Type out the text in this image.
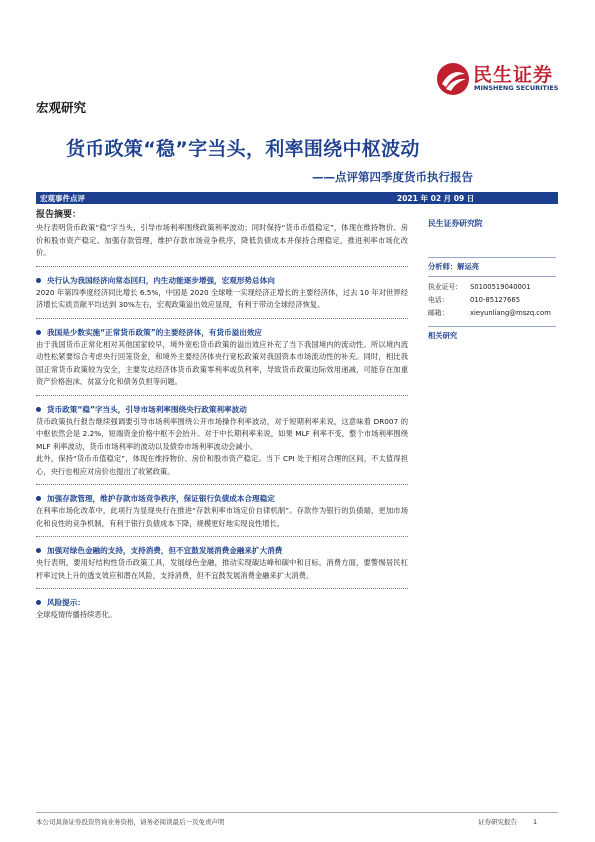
民生证券
MINSHENG SECURITIES
宏观研究
货币政策“稳”字当头，利率围绕中枢波动
——点评第四季度货币执行报告
宏观事件点评	2021 年 02 月 09 日

报告摘要：

央行表明货币政策“稳”字当头，引导市场利率围绕政策利率波动；同时保持“货币币值稳定”，体现在维持物价、房价和股市资产稳定。加强存款管理，维护存款市场竞争秩序，降低负债成本并保持合理稳定，推进利率市场化改价。

央行认为我国经济向常态回归，内生动能逐步增强，宏观形势总体向

2020 年第四季度经济同比增长 6.5%，中国是 2020 全球唯一实现经济正增长的主要经济体，过去 10 年对世界经济增长实质贡献平均达到 30%左右，宏观政策溢出效应显现，有利于带动全球经济恢复。

我国是少数实施“正常货币政策”的主要经济体，有货币溢出效应

由于我国货币正常化相对其他国家较早，境外宽松货币政策的溢出效应补充了当下我国境内的流动性。所以境内流动性松紧要综合考虑央行回笼货金，和境外主要经济体央行宽松政策对我国资本市场流动性的补充。同时，相比我国正常货币政策较为安全，主要发达经济体货币政策零利率或负利率，导致货币政策边际效用递减，可能存在加重资产价格泡沫、贫富分化和债务负担等问题。

货币政策“稳”字当头，引导市场利率围绕央行政策利率波动

货币政策执行报告继续强调要引导市场利率围绕公开市场操作利率波动，对于短期利率来说，这意味着 DR007 的中枢依然会是 2.2%，短端资金价格中枢不会抬升。对于中长期利率来说，如果 MLF 利率不变，整个市场利率围绕 MLF 利率波动，货币市场利率的波动以及债券市场利率波动会减小。

此外，保持“货币币值稳定”，体现在维持物价、房价和股市资产稳定。当下 CPI 处于相对合理的区间，不太值得担心，央行也相应对房价也提出了收紧政策。

加强存款管理，维护存款市场竞争秩序，保证银行负债成本合理稳定

在利率市场化改革中，此项行为显现央行在推进“存款利率市场定价自律机制”。存款作为银行的负债端，更加市场化和良性的竞争机制，有利于银行负债成本下降，规模更好地实现良性增长。

加强对绿色金融的支持，支持消费，但不宜鼓发展消费金融来扩大消费

央行表明，要用好结构性货币政策工具，发展绿色金融，推动实现碳达峰和碳中和目标。消费方面，要警惕居民杠杆率过快上升的透支效应和潜在风险，支持消费，但不宜鼓发展消费金融来扩大消费。

风险提示：

全球疫情传播持续恶化。

民生证券研究院
分析师：解运亮
执业证号：	S0100519040001
电话：	010-85127665
邮箱：	xieyunliang@mszq.com
相关研究
本公司具备证券投资咨询业务资格，请务必阅读最后一页免责声明	证券研究报告 1
